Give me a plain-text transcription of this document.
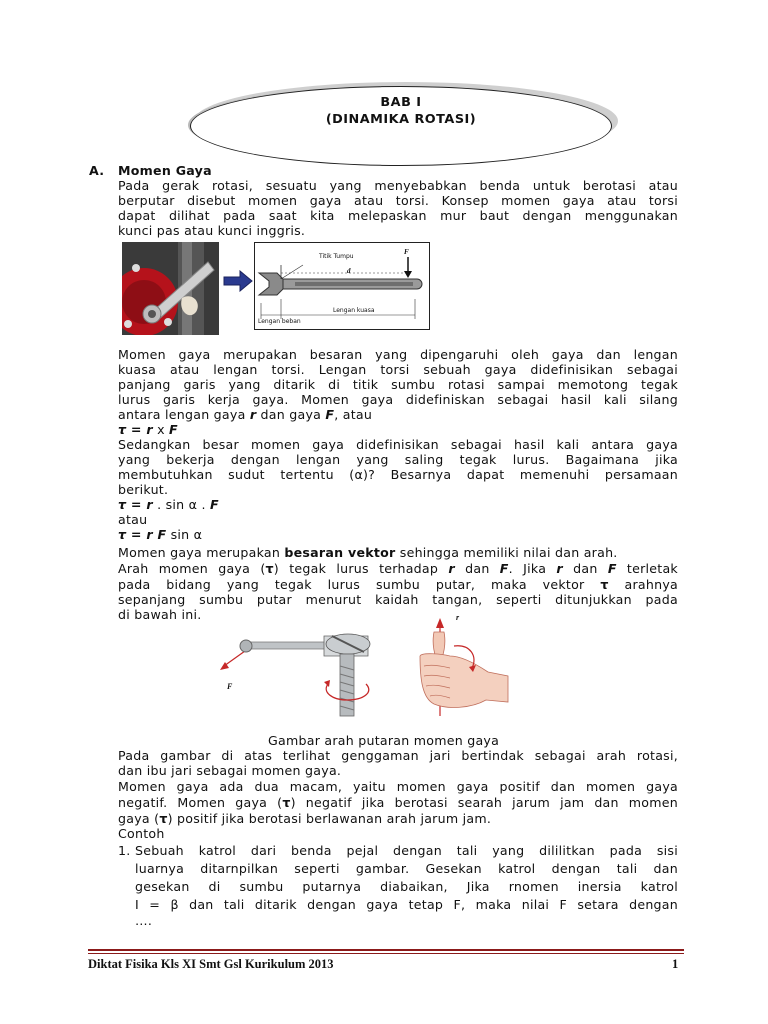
BAB I
(DINAMIKA ROTASI)
A. Momen Gaya
Pada gerak rotasi, sesuatu yang menyebabkan benda untuk berotasi atau
berputar disebut momen gaya atau torsi. Konsep momen gaya atau torsi
dapat dilihat pada saat kita melepaskan mur baut dengan menggunakan
kunci pas atau kunci inggris.
Titik Tumpu
d
F
Lengan kuasa
Lengan beban
Momen gaya merupakan besaran yang dipengaruhi oleh gaya dan lengan
kuasa atau lengan torsi. Lengan torsi sebuah gaya didefinisikan sebagai
panjang garis yang ditarik di titik sumbu rotasi sampai memotong tegak
lurus garis kerja gaya. Momen gaya didefiniskan sebagai hasil kali silang
antara lengan gaya r dan gaya F, atau
τ = r x F
Sedangkan besar momen gaya didefinisikan sebagai hasil kali antara gaya
yang bekerja dengan lengan yang saling tegak lurus. Bagaimana jika
membutuhkan sudut tertentu (α)? Besarnya dapat memenuhi persamaan
berikut.
τ = r . sin α . F
atau
τ = r F sin α
Momen gaya merupakan besaran vektor sehingga memiliki nilai dan arah.
Arah momen gaya (τ) tegak lurus terhadap r dan F. Jika r dan F terletak
pada bidang yang tegak lurus sumbu putar, maka vektor τ arahnya
sepanjang sumbu putar menurut kaidah tangan, seperti ditunjukkan pada
di bawah ini.
F
r
Gambar arah putaran momen gaya
Pada gambar di atas terlihat genggaman jari bertindak sebagai arah rotasi,
dan ibu jari sebagai momen gaya.
Momen gaya ada dua macam, yaitu momen gaya positif dan momen gaya
negatif. Momen gaya (τ) negatif jika berotasi searah jarum jam dan momen
gaya (τ) positif jika berotasi berlawanan arah jarum jam.
Contoh
1. Sebuah katrol dari benda pejal dengan tali yang dililitkan pada sisi
luarnya ditarnpilkan seperti gambar. Gesekan katrol dengan tali dan
gesekan di sumbu putarnya diabaikan, Jika rnomen inersia katrol
I = β dan tali ditarik dengan gaya tetap F, maka nilai F setara dengan
….
Diktat Fisika Kls XI Smt Gsl Kurikulum 2013	1
